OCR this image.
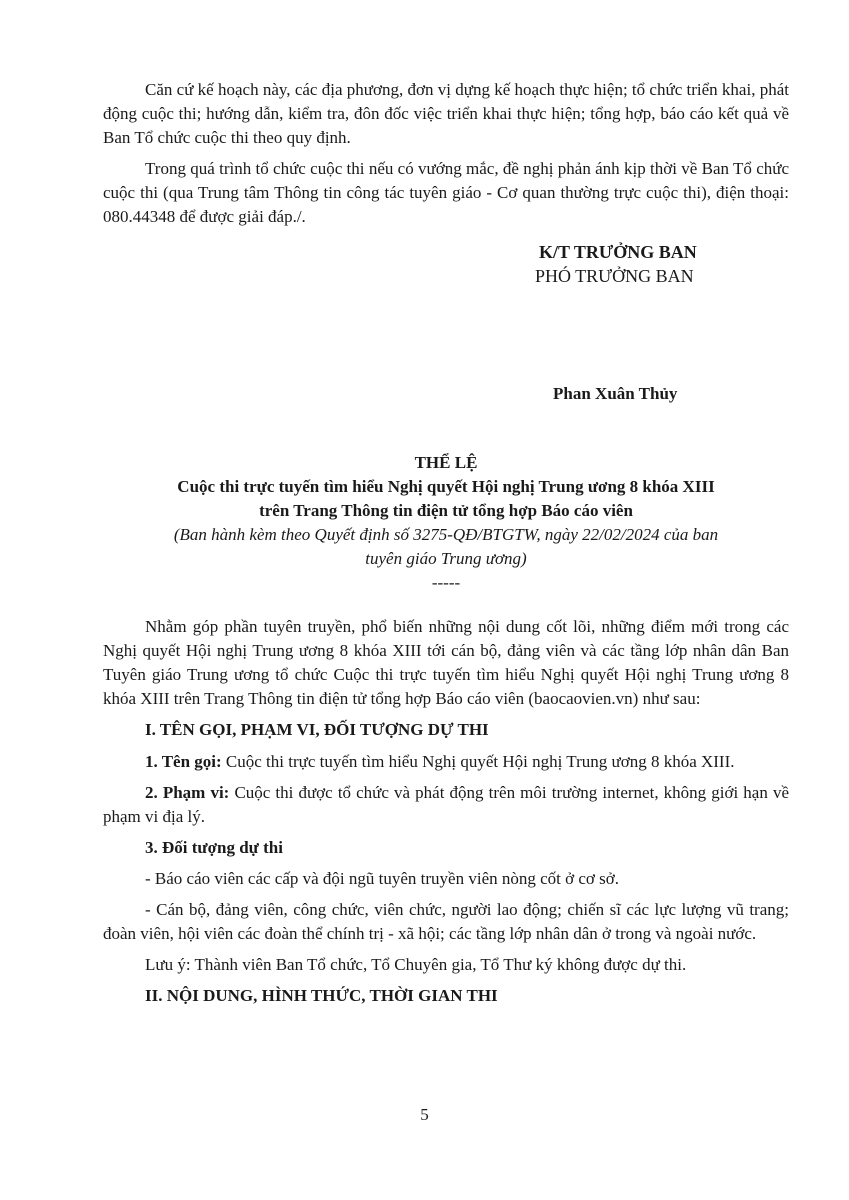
Căn cứ kế hoạch này, các địa phương, đơn vị dựng kế hoạch thực hiện; tổ chức triển khai, phát động cuộc thi; hướng dẫn, kiểm tra, đôn đốc việc triển khai thực hiện; tổng hợp, báo cáo kết quả về Ban Tổ chức cuộc thi theo quy định.

Trong quá trình tổ chức cuộc thi nếu có vướng mắc, đề nghị phản ánh kịp thời về Ban Tổ chức cuộc thi (qua Trung tâm Thông tin công tác tuyên giáo - Cơ quan thường trực cuộc thi), điện thoại: 080.44348 để được giải đáp./.

K/T TRƯỞNG BAN
PHÓ TRƯỞNG BAN
Phan Xuân Thủy
THỂ LỆ
Cuộc thi trực tuyến tìm hiểu Nghị quyết Hội nghị Trung ương 8 khóa XIII
trên Trang Thông tin điện tử tổng hợp Báo cáo viên
(Ban hành kèm theo Quyết định số 3275-QĐ/BTGTW, ngày 22/02/2024 của ban
tuyên giáo Trung ương)
-----

Nhằm góp phần tuyên truyền, phổ biến những nội dung cốt lõi, những điểm mới trong các Nghị quyết Hội nghị Trung ương 8 khóa XIII tới cán bộ, đảng viên và các tầng lớp nhân dân Ban Tuyên giáo Trung ương tổ chức Cuộc thi trực tuyến tìm hiểu Nghị quyết Hội nghị Trung ương 8 khóa XIII trên Trang Thông tin điện tử tổng hợp Báo cáo viên (baocaovien.vn) như sau:

I. TÊN GỌI, PHẠM VI, ĐỐI TƯỢNG DỰ THI

1. Tên gọi: Cuộc thi trực tuyến tìm hiểu Nghị quyết Hội nghị Trung ương 8 khóa XIII.

2. Phạm vi: Cuộc thi được tổ chức và phát động trên môi trường internet, không giới hạn về phạm vi địa lý.

3. Đối tượng dự thi

- Báo cáo viên các cấp và đội ngũ tuyên truyền viên nòng cốt ở cơ sở.

- Cán bộ, đảng viên, công chức, viên chức, người lao động; chiến sĩ các lực lượng vũ trang; đoàn viên, hội viên các đoàn thể chính trị - xã hội; các tầng lớp nhân dân ở trong và ngoài nước.

Lưu ý: Thành viên Ban Tổ chức, Tổ Chuyên gia, Tổ Thư ký không được dự thi.

II. NỘI DUNG, HÌNH THỨC, THỜI GIAN THI

5
